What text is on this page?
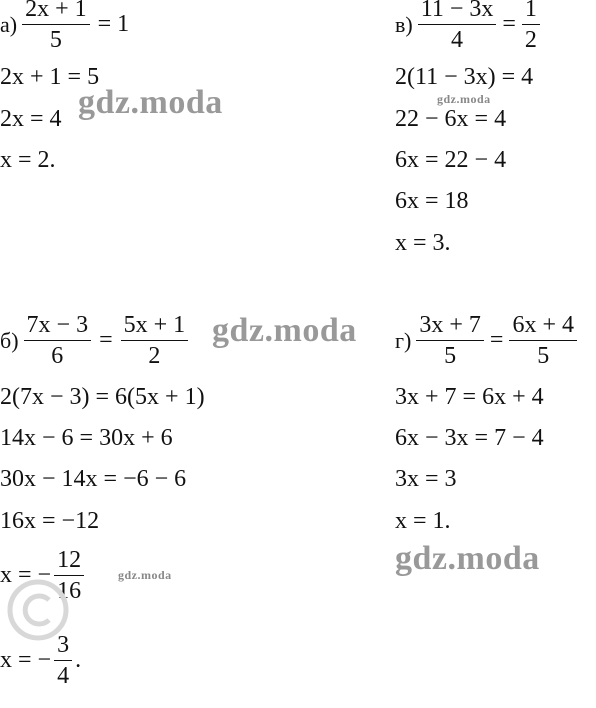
$а) \frac{2x + 1}{5} = 1$
2x + 1 = 5
2x = 4
x = 2.
$в) \frac{11 - 3x}{4} = \frac{1}{2}$
2(11 − 3x) = 4
22 − 6x = 4
6x = 22 − 4
6x = 18
x = 3.
$б) \frac{7x - 3}{6} = \frac{5x + 1}{2}$
2(7x − 3) = 6(5x + 1)
14x − 6 = 30x + 6
30x − 14x = −6 − 6
16x = −12
x = − $\frac{12}{16}$
x = − $\frac{3}{4}$ .
$г) \frac{3x + 7}{5} = \frac{6x + 4}{5}$
3x + 7 = 6x + 4
6x − 3x = 7 − 4
3x = 3
x = 1.
gdz.moda	gdz.moda
gdz.moda
gdz.moda
gdz.moda
